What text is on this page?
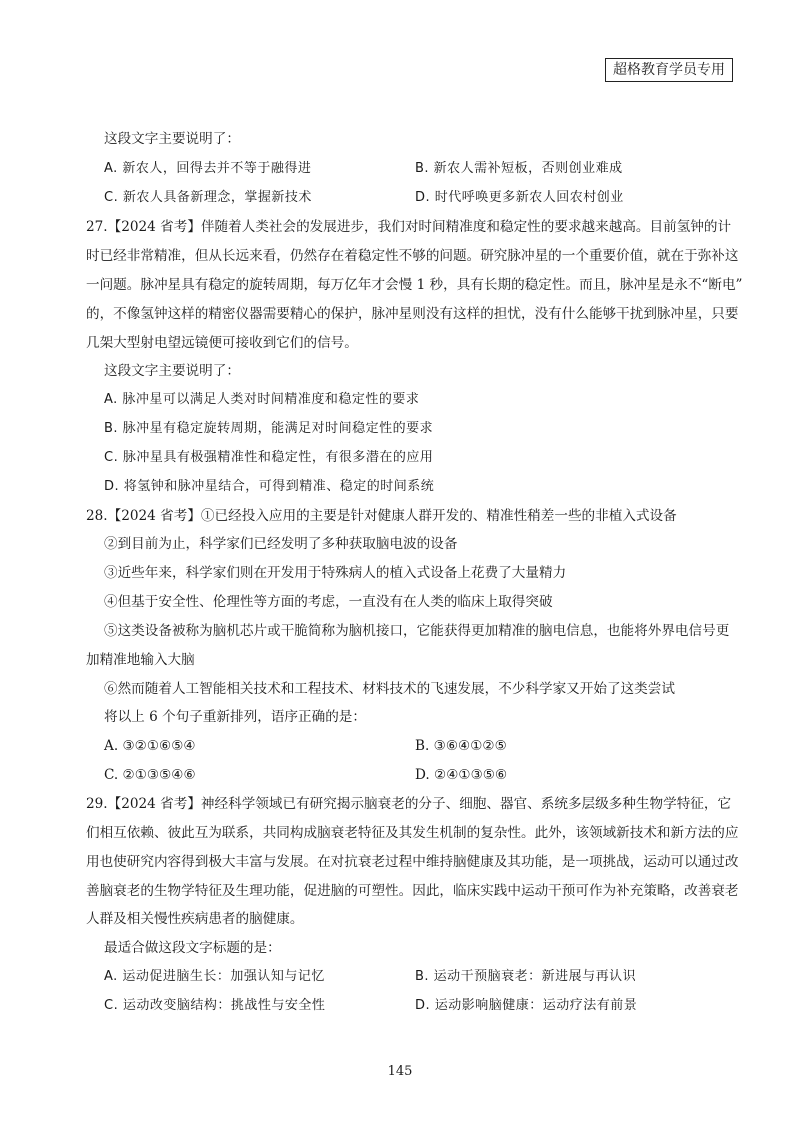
超格教育学员专用
这段文字主要说明了：
A. 新农人，回得去并不等于融得进	B. 新农人需补短板，否则创业难成
C. 新农人具备新理念，掌握新技术	D. 时代呼唤更多新农人回农村创业
27.【2024 省考】伴随着人类社会的发展进步，我们对时间精准度和稳定性的要求越来越高。目前氢钟的计
时已经非常精准，但从长远来看，仍然存在着稳定性不够的问题。研究脉冲星的一个重要价值，就在于弥补这
一问题。脉冲星具有稳定的旋转周期，每万亿年才会慢 1 秒，具有长期的稳定性。而且，脉冲星是永不“断电”
的，不像氢钟这样的精密仪器需要精心的保护，脉冲星则没有这样的担忧，没有什么能够干扰到脉冲星，只要
几架大型射电望远镜便可接收到它们的信号。
这段文字主要说明了：
A. 脉冲星可以满足人类对时间精准度和稳定性的要求
B. 脉冲星有稳定旋转周期，能满足对时间稳定性的要求
C. 脉冲星具有极强精准性和稳定性，有很多潜在的应用
D. 将氢钟和脉冲星结合，可得到精准、稳定的时间系统
28.【2024 省考】①已经投入应用的主要是针对健康人群开发的、精准性稍差一些的非植入式设备
②到目前为止，科学家们已经发明了多种获取脑电波的设备
③近些年来，科学家们则在开发用于特殊病人的植入式设备上花费了大量精力
④但基于安全性、伦理性等方面的考虑，一直没有在人类的临床上取得突破
⑤这类设备被称为脑机芯片或干脆简称为脑机接口，它能获得更加精准的脑电信息，也能将外界电信号更
加精准地输入大脑
⑥然而随着人工智能相关技术和工程技术、材料技术的飞速发展，不少科学家又开始了这类尝试
将以上 6 个句子重新排列，语序正确的是：
A. ③②①⑥⑤④	B. ③⑥④①②⑤
C. ②①③⑤④⑥	D. ②④①③⑤⑥
29.【2024 省考】神经科学领域已有研究揭示脑衰老的分子、细胞、器官、系统多层级多种生物学特征，它
们相互依赖、彼此互为联系，共同构成脑衰老特征及其发生机制的复杂性。此外，该领域新技术和新方法的应
用也使研究内容得到极大丰富与发展。在对抗衰老过程中维持脑健康及其功能，是一项挑战，运动可以通过改
善脑衰老的生物学特征及生理功能，促进脑的可塑性。因此，临床实践中运动干预可作为补充策略，改善衰老
人群及相关慢性疾病患者的脑健康。
最适合做这段文字标题的是：
A. 运动促进脑生长：加强认知与记忆	B. 运动干预脑衰老：新进展与再认识
C. 运动改变脑结构：挑战性与安全性	D. 运动影响脑健康：运动疗法有前景
145
